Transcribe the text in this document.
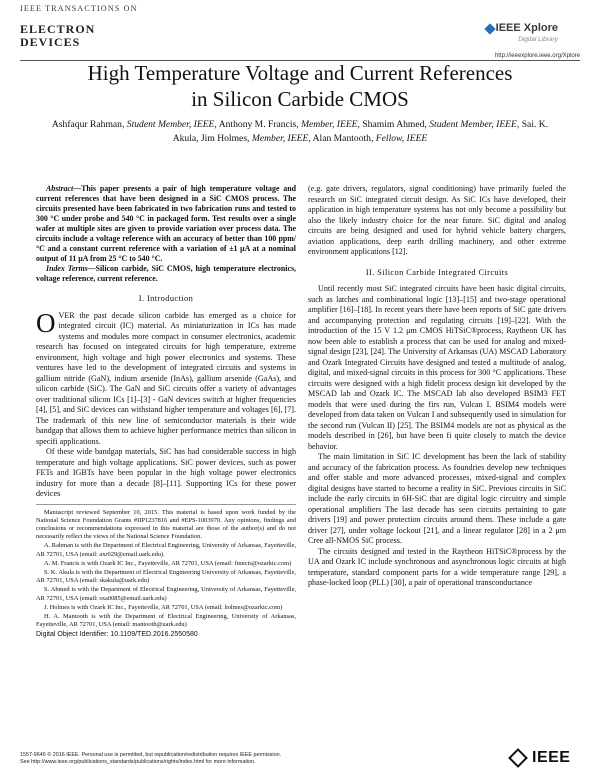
IEEE TRANSACTIONS ON
ELECTRON
DEVICES
IEEE Xplore
Digital Library
http://ieeexplore.ieee.org/Xplore
High Temperature Voltage and Current References
in Silicon Carbide CMOS
Ashfaqur Rahman, Student Member, IEEE, Anthony M. Francis, Member, IEEE, Shamim Ahmed, Student Member, IEEE, Sai. K. Akula, Jim Holmes, Member, IEEE, Alan Mantooth, Fellow, IEEE

Abstract—This paper presents a pair of high temperature voltage and current references that have been designed in a SiC CMOS process. The circuits presented have been fabricated in two fabrication runs and tested to 300 °C under probe and 540 °C in packaged form. Test results over a single wafer at multiple sites are given to provide variation over process data. The circuits include a voltage reference with an accuracy of better than 100 ppm/°C and a constant current reference with a variation of ±1 μA at a nominal output of 11 μA from 25 °C to 540 °C.

Index Terms—Silicon carbide, SiC CMOS, high temperature electronics, voltage reference, current reference.

I. Introduction

OVER the past decade silicon carbide has emerged as a choice for integrated circuit (IC) material. As miniaturization in ICs has made systems and modules more compact in consumer electronics, academic research has focused on integrated circuits for high temperature, extreme environment, high voltage and high power electronics and systems. These ventures have led to the development of integrated circuits and systems in gallium nitride (GaN), indium arsenide (InAs), gallium arsenide (GaAs), and silicon carbide (SiC). The GaN and SiC circuits offer a variety of advantages over traditional silicon ICs [1]–[3] - GaN devices switch at higher frequencies [4], [5], and SiC devices can withstand higher temperature and voltages [6], [7]. The trademark of this new line of semiconductor materials is their wide bandgap that allows them to achieve higher performance metrics than silicon in specifi applications.

Of these wide bandgap materials, SiC has had considerable success in high temperature and high voltage applications. SiC power devices, such as power FETs and IGBTs have been popular in the high voltage power electronics industry for more than a decade [8]–[11]. Supporting ICs for these power devices

Manuscript reviewed September 10, 2015. This material is based upon work funded by the National Science Foundation Grants #IIP1237816 and #EPS-1003970. Any opinions, findings and conclusions or recommendations expressed in this material are those of the author(s) and do not necessarily reflect the views of the National Science Foundation.

A. Rahman is with the Department of Electrical Engineering, University of Arkansas, Fayetteville, AR 72701, USA (email: axr029@email.uark.edu).

A. M. Francis is with Ozark IC Inc., Fayetteville, AR 72701, USA (email: fmncis@ozarkic.com)

S. K. Akula is with the Department of Electrical Engineering University of Arkansas, Fayetteville, AR 72701, USA (email: skakula@uark.edu)

S. Ahmed is with the Department of Electrical Engineering, University of Arkansas, Fayetteville, AR 72701, USA (email: sxa0085@email.uark.edu)

J. Holmes is with Ozark IC Inc., Fayetteville, AR 72701, USA (email: holmes@ozarkic.com)

H. A. Mantooth is with the Department of Electrical Engineering, University of Arkansas, Fayetteville, AR 72701, USA (email: mantooth@uark.edu)

Digital Object Identifier: 10.1109/TED.2016.2550580

(e.g. gate drivers, regulators, signal conditioning) have primarily fueled the research on SiC integrated circuit design. As SiC ICs have developed, their application in high temperature systems has not only become a possibility but also the likely industry choice for the near future. SiC digital and analog circuits are being designed and used for hybrid vehicle battery chargers, aviation applications, deep earth drilling machinery, and other extreme environment applications [12].

II. Silicon Carbide Integrated Circuits

Until recently most SiC integrated circuits have been basic digital circuits, such as latches and combinational logic [13]–[15] and two-stage operational amplifier [16]–[18]. In recent years there have been reports of SiC gate drivers and accompanying protection and regulating circuits [19]–[22]. With the introduction of the 15 V 1.2 μm CMOS HiTSiC®process, Raytheon UK has now been able to establish a process that can be used for analog and mixed-signal design [23], [24]. The University of Arkansas (UA) MSCAD Laboratory and Ozark Integrated Circuits have designed and tested a multitude of analog, digital, and mixed-signal circuits in this process for 300 °C applications. These circuits were designed with a high fidelit process design kit developed by the MSCAD lab and Ozark IC. The MSCAD lab also developed BSIM3 FET models that were used during the firs run, Vulcan I. BSIM4 models were developed from data taken on Vulcan I and subsequently used in simulation for the second run (Vulcan II) [25]. The BSIM4 models are not as physical as the models described in [26], but have been fi quite closely to match the device behavior.

The main limitation in SiC IC development has been the lack of stability and accuracy of the fabrication process. As foundries develop new techniques and offer stable and more advanced processes, mixed-signal and complex digital designs have started to become a reality in SiC. Previous circuits in SiC include the early circuits in 6H-SiC that are digital logic circuitry and simple operational amplifiers The last decade has seen circuits pertaining to gate drivers [19] and power protection circuits around them. These include a gate driver [27], under voltage lockout [21], and a linear regulator [28] in a 2 μm Cree all-NMOS SiC process.

The circuits designed and tested in the Raytheon HiTSiC®process by the UA and Ozark IC include synchronous and asynchronous logic circuits at high temperature, standard component parts for a wide temperature range [29], a phase-locked loop (PLL) [30], a pair of operational transconductance

1557-9646 © 2016 IEEE. Personal use is permitted, but republication/redistribution requires IEEE permission.
See http://www.ieee.org/publications_standards/publications/rights/index.html for more information.	IEEE
